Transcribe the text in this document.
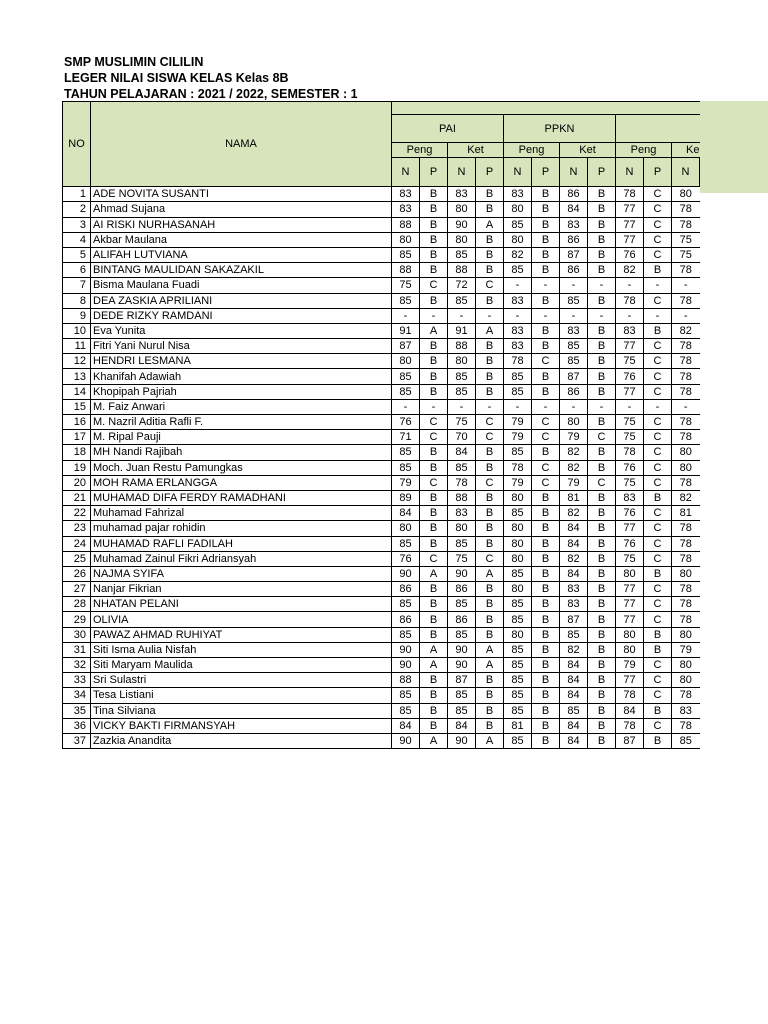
SMP MUSLIMIN CILILIN
LEGER NILAI SISWA KELAS Kelas 8B
TAHUN PELAJARAN : 2021 / 2022, SEMESTER : 1
NO	NAMA											
		PAI				PPKN						
		Peng		Ket		Peng		Ket		Peng		Ke
		N	P	N	P	N	P	N	P	N	P	N
1	ADE NOVITA SUSANTI	83	B	83	B	83	B	86	B	78	C	80
2	Ahmad Sujana	83	B	80	B	80	B	84	B	77	C	78
3	AI RISKI NURHASANAH	88	B	90	A	85	B	83	B	77	C	78
4	Akbar Maulana	80	B	80	B	80	B	86	B	77	C	75
5	ALIFAH LUTVIANA	85	B	85	B	82	B	87	B	76	C	75
6	BINTANG MAULIDAN SAKAZAKIL	88	B	88	B	85	B	86	B	82	B	78
7	Bisma Maulana Fuadi	75	C	72	C	-	-	-	-	-	-	-
8	DEA ZASKIA APRILIANI	85	B	85	B	83	B	85	B	78	C	78
9	DEDE RIZKY RAMDANI	-	-	-	-	-	-	-	-	-	-	-
10	Eva Yunita	91	A	91	A	83	B	83	B	83	B	82
11	Fitri Yani Nurul Nisa	87	B	88	B	83	B	85	B	77	C	78
12	HENDRI LESMANA	80	B	80	B	78	C	85	B	75	C	78
13	Khanifah Adawiah	85	B	85	B	85	B	87	B	76	C	78
14	Khopipah Pajriah	85	B	85	B	85	B	86	B	77	C	78
15	M. Faiz Anwari	-	-	-	-	-	-	-	-	-	-	-
16	M. Nazril Aditia Rafli F.	76	C	75	C	79	C	80	B	75	C	78
17	M. Ripal Pauji	71	C	70	C	79	C	79	C	75	C	78
18	MH Nandi Rajibah	85	B	84	B	85	B	82	B	78	C	80
19	Moch. Juan Restu Pamungkas	85	B	85	B	78	C	82	B	76	C	80
20	MOH RAMA ERLANGGA	79	C	78	C	79	C	79	C	75	C	78
21	MUHAMAD DIFA FERDY RAMADHANI	89	B	88	B	80	B	81	B	83	B	82
22	Muhamad Fahrizal	84	B	83	B	85	B	82	B	76	C	81
23	muhamad pajar rohidin	80	B	80	B	80	B	84	B	77	C	78
24	MUHAMAD RAFLI FADILAH	85	B	85	B	80	B	84	B	76	C	78
25	Muhamad Zainul Fikri Adriansyah	76	C	75	C	80	B	82	B	75	C	78
26	NAJMA SYIFA	90	A	90	A	85	B	84	B	80	B	80
27	Nanjar Fikrian	86	B	86	B	80	B	83	B	77	C	78
28	NHATAN PELANI	85	B	85	B	85	B	83	B	77	C	78
29	OLIVIA	86	B	86	B	85	B	87	B	77	C	78
30	PAWAZ AHMAD RUHIYAT	85	B	85	B	80	B	85	B	80	B	80
31	Siti Isma Aulia Nisfah	90	A	90	A	85	B	82	B	80	B	79
32	Siti Maryam Maulida	90	A	90	A	85	B	84	B	79	C	80
33	Sri Sulastri	88	B	87	B	85	B	84	B	77	C	80
34	Tesa Listiani	85	B	85	B	85	B	84	B	78	C	78
35	Tina Silviana	85	B	85	B	85	B	85	B	84	B	83
36	VICKY BAKTI FIRMANSYAH	84	B	84	B	81	B	84	B	78	C	78
37	Zazkia Anandita	90	A	90	A	85	B	84	B	87	B	85
